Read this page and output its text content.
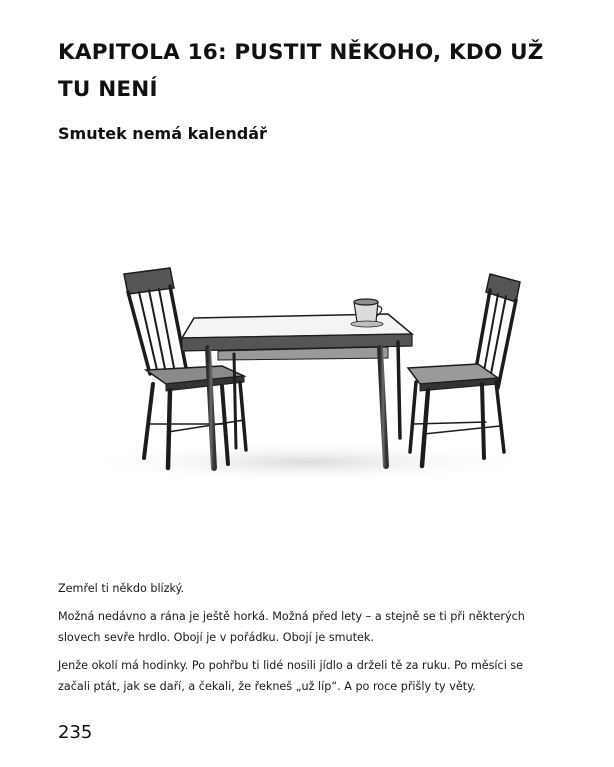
KAPITOLA 16: PUSTIT NĚKOHO, KDO UŽ
TU NENÍ
Smutek nemá kalendář

Zemřel ti někdo blízký.

Možná nedávno a rána je ještě horká. Možná před lety – a stejně se ti při některých slovech sevře hrdlo. Obojí je v pořádku. Obojí je smutek.

Jenže okolí má hodinky. Po pohřbu ti lidé nosili jídlo a drželi tě za ruku. Po měsíci se začali ptát, jak se daří, a čekali, že řekneš „už líp“. A po roce přišly ty věty.

235
